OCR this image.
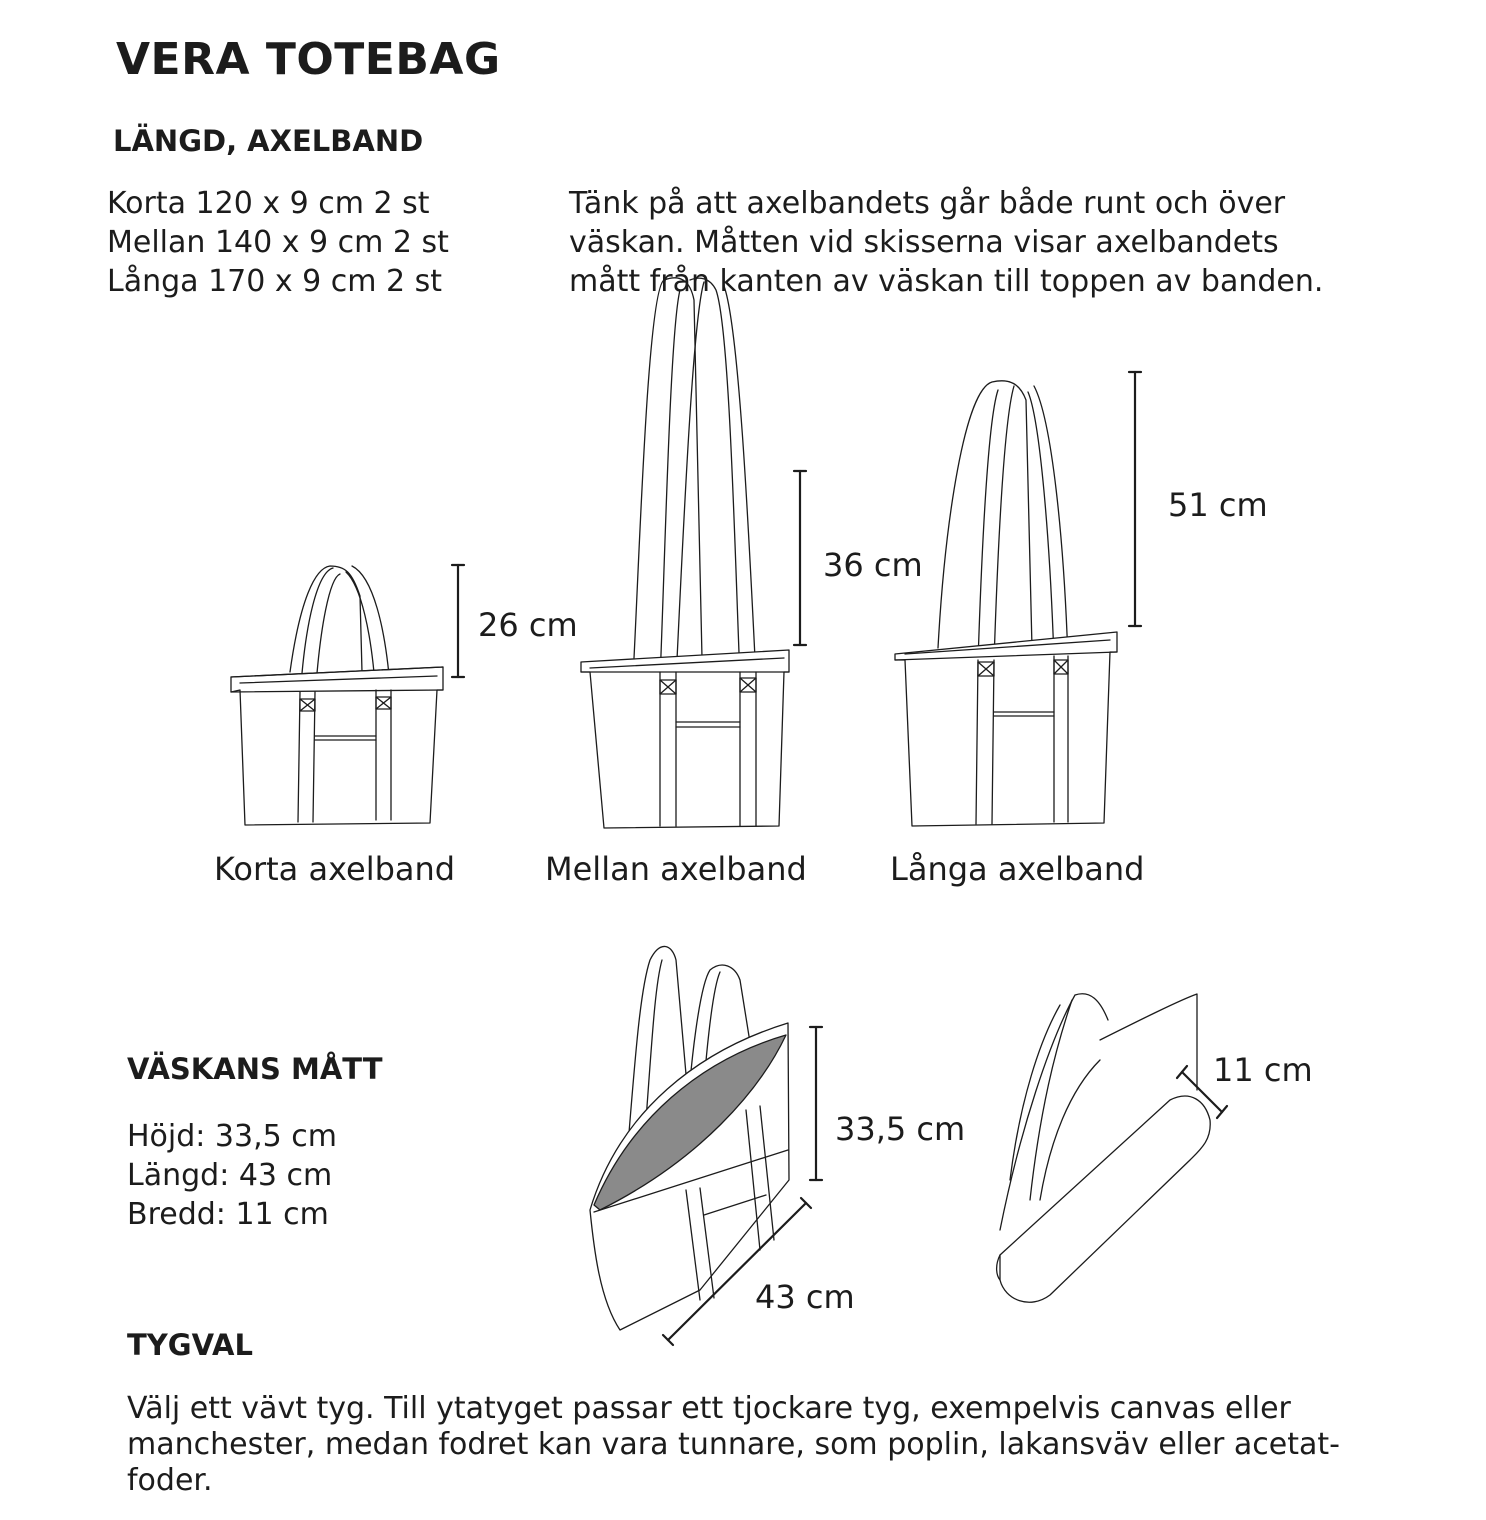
VERA TOTEBAG
LÄNGD, AXELBAND
Korta 120 x 9 cm 2 st
Mellan 140 x 9 cm 2 st
Långa 170 x 9 cm 2 st
Tänk på att axelbandets går både runt och över
väskan. Måtten vid skisserna visar axelbandets
mått från kanten av väskan till toppen av banden.
26 cm
36 cm
51 cm
Korta axelband	Mellan axelband	Långa axelband
VÄSKANS MÅTT
Höjd: 33,5 cm
Längd: 43 cm
Bredd: 11 cm
33,5 cm
43 cm
11 cm
TYGVAL
Välj ett vävt tyg. Till ytatyget passar ett tjockare tyg, exempelvis canvas eller
manchester, medan fodret kan vara tunnare, som poplin, lakansväv eller acetat-
foder.
